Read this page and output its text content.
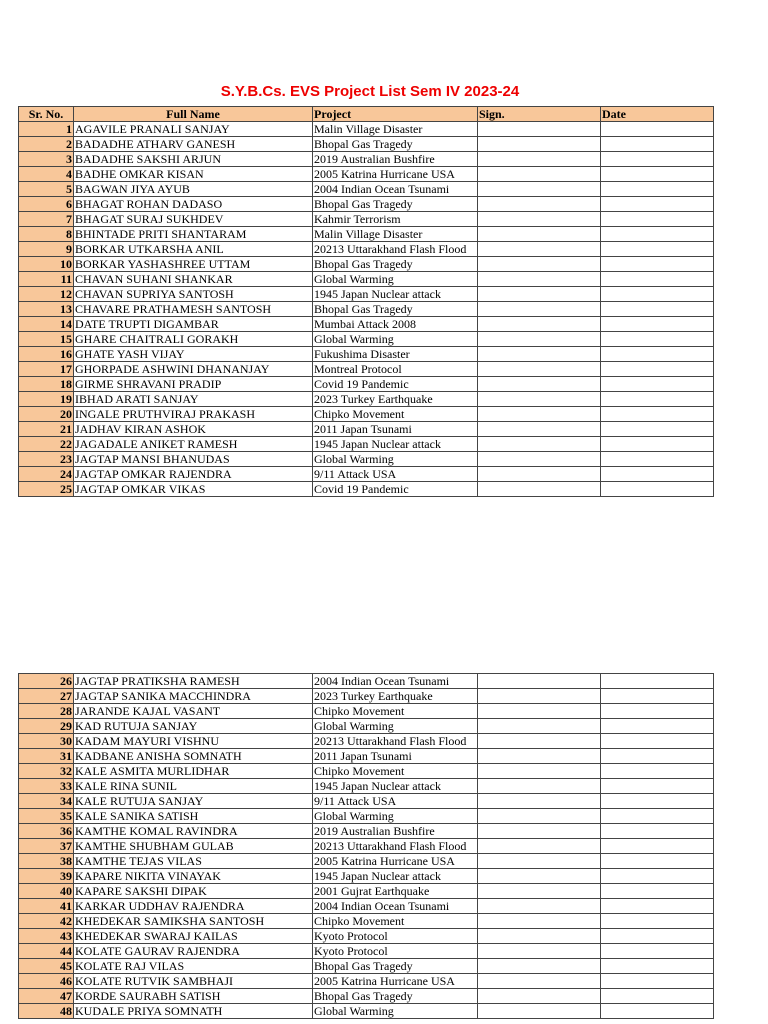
S.Y.B.Cs. EVS Project List Sem IV 2023-24
Sr. No.	Full Name	Project	Sign.	Date
1	AGAVILE PRANALI SANJAY	Malin Village Disaster		
2	BADADHE ATHARV GANESH	Bhopal Gas Tragedy		
3	BADADHE SAKSHI ARJUN	2019 Australian Bushfire		
4	BADHE OMKAR KISAN	2005 Katrina Hurricane USA		
5	BAGWAN JIYA AYUB	2004 Indian Ocean Tsunami		
6	BHAGAT ROHAN DADASO	Bhopal Gas Tragedy		
7	BHAGAT SURAJ SUKHDEV	Kahmir Terrorism		
8	BHINTADE PRITI SHANTARAM	Malin Village Disaster		
9	BORKAR UTKARSHA ANIL	20213 Uttarakhand Flash Flood		
10	BORKAR YASHASHREE UTTAM	Bhopal Gas Tragedy		
11	CHAVAN SUHANI SHANKAR	Global Warming		
12	CHAVAN SUPRIYA SANTOSH	1945 Japan Nuclear attack		
13	CHAVARE PRATHAMESH SANTOSH	Bhopal Gas Tragedy		
14	DATE TRUPTI DIGAMBAR	Mumbai Attack 2008		
15	GHARE CHAITRALI GORAKH	Global Warming		
16	GHATE YASH VIJAY	Fukushima Disaster		
17	GHORPADE ASHWINI DHANANJAY	Montreal Protocol		
18	GIRME SHRAVANI PRADIP	Covid 19 Pandemic		
19	IBHAD ARATI SANJAY	2023 Turkey Earthquake		
20	INGALE PRUTHVIRAJ PRAKASH	Chipko Movement		
21	JADHAV KIRAN ASHOK	2011 Japan Tsunami		
22	JAGADALE ANIKET RAMESH	1945 Japan Nuclear attack		
23	JAGTAP MANSI BHANUDAS	Global Warming		
24	JAGTAP OMKAR RAJENDRA	9/11 Attack USA		
25	JAGTAP OMKAR VIKAS	Covid 19 Pandemic		
26	JAGTAP PRATIKSHA RAMESH	2004 Indian Ocean Tsunami		
27	JAGTAP SANIKA MACCHINDRA	2023 Turkey Earthquake		
28	JARANDE KAJAL VASANT	Chipko Movement		
29	KAD RUTUJA SANJAY	Global Warming		
30	KADAM MAYURI VISHNU	20213 Uttarakhand Flash Flood		
31	KADBANE ANISHA SOMNATH	2011 Japan Tsunami		
32	KALE ASMITA MURLIDHAR	Chipko Movement		
33	KALE RINA SUNIL	1945 Japan Nuclear attack		
34	KALE RUTUJA SANJAY	9/11 Attack USA		
35	KALE SANIKA SATISH	Global Warming		
36	KAMTHE KOMAL RAVINDRA	2019 Australian Bushfire		
37	KAMTHE SHUBHAM GULAB	20213 Uttarakhand Flash Flood		
38	KAMTHE TEJAS VILAS	2005 Katrina Hurricane USA		
39	KAPARE NIKITA VINAYAK	1945 Japan Nuclear attack		
40	KAPARE SAKSHI DIPAK	2001 Gujrat Earthquake		
41	KARKAR UDDHAV RAJENDRA	2004 Indian Ocean Tsunami		
42	KHEDEKAR SAMIKSHA SANTOSH	Chipko Movement		
43	KHEDEKAR SWARAJ KAILAS	Kyoto Protocol		
44	KOLATE GAURAV RAJENDRA	Kyoto Protocol		
45	KOLATE RAJ VILAS	Bhopal Gas Tragedy		
46	KOLATE RUTVIK SAMBHAJI	2005 Katrina Hurricane USA		
47	KORDE SAURABH SATISH	Bhopal Gas Tragedy		
48	KUDALE PRIYA SOMNATH	Global Warming		
